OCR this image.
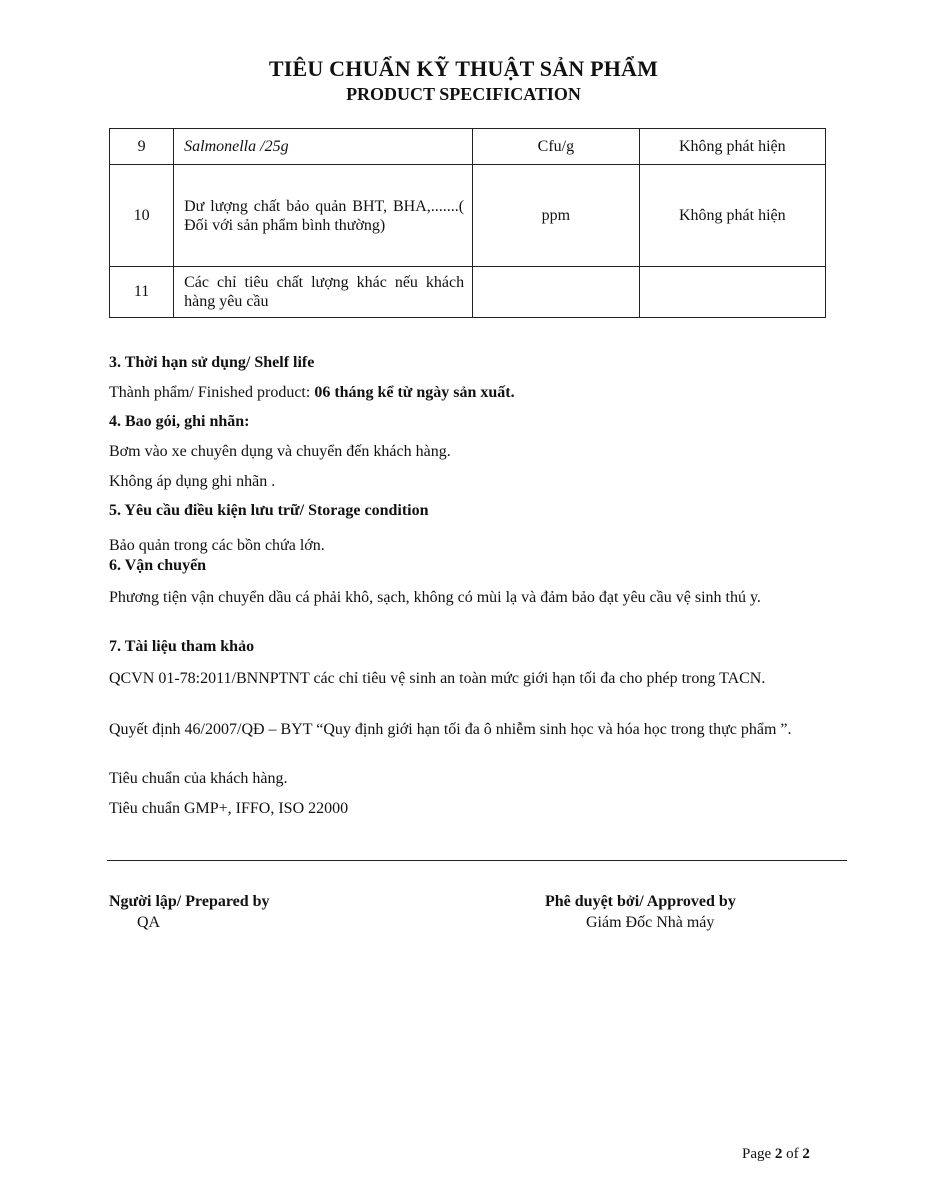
TIÊU CHUẨN KỸ THUẬT SẢN PHẨM
PRODUCT SPECIFICATION
9	Salmonella /25g	Cfu/g	Không phát hiện
10	Dư lượng chất bảo quản BHT, BHA,.......( Đối với sản phẩm bình thường)	ppm	Không phát hiện
11	Các chỉ tiêu chất lượng khác nếu khách hàng yêu cầu		
3. Thời hạn sử dụng/ Shelf life
Thành phẩm/ Finished product: 06 tháng kể từ ngày sản xuất.
4. Bao gói, ghi nhãn:
Bơm vào xe chuyên dụng và chuyển đến khách hàng.
Không áp dụng ghi nhãn .
5. Yêu cầu điều kiện lưu trữ/ Storage condition
Bảo quản trong các bồn chứa lớn.
6. Vận chuyển
Phương tiện vận chuyển dầu cá phải khô, sạch, không có mùi lạ và đảm bảo đạt yêu cầu vệ sinh thú y.
7. Tài liệu tham khảo
QCVN 01-78:2011/BNNPTNT các chỉ tiêu vệ sinh an toàn mức giới hạn tối đa cho phép trong TACN.
Quyết định 46/2007/QĐ – BYT “Quy định giới hạn tối đa ô nhiễm sinh học và hóa học trong thực phẩm ”.
Tiêu chuẩn của khách hàng.
Tiêu chuẩn GMP+, IFFO, ISO 22000
Người lập/ Prepared by
QA
Phê duyệt bởi/ Approved by
Giám Đốc Nhà máy
Page 2 of 2
